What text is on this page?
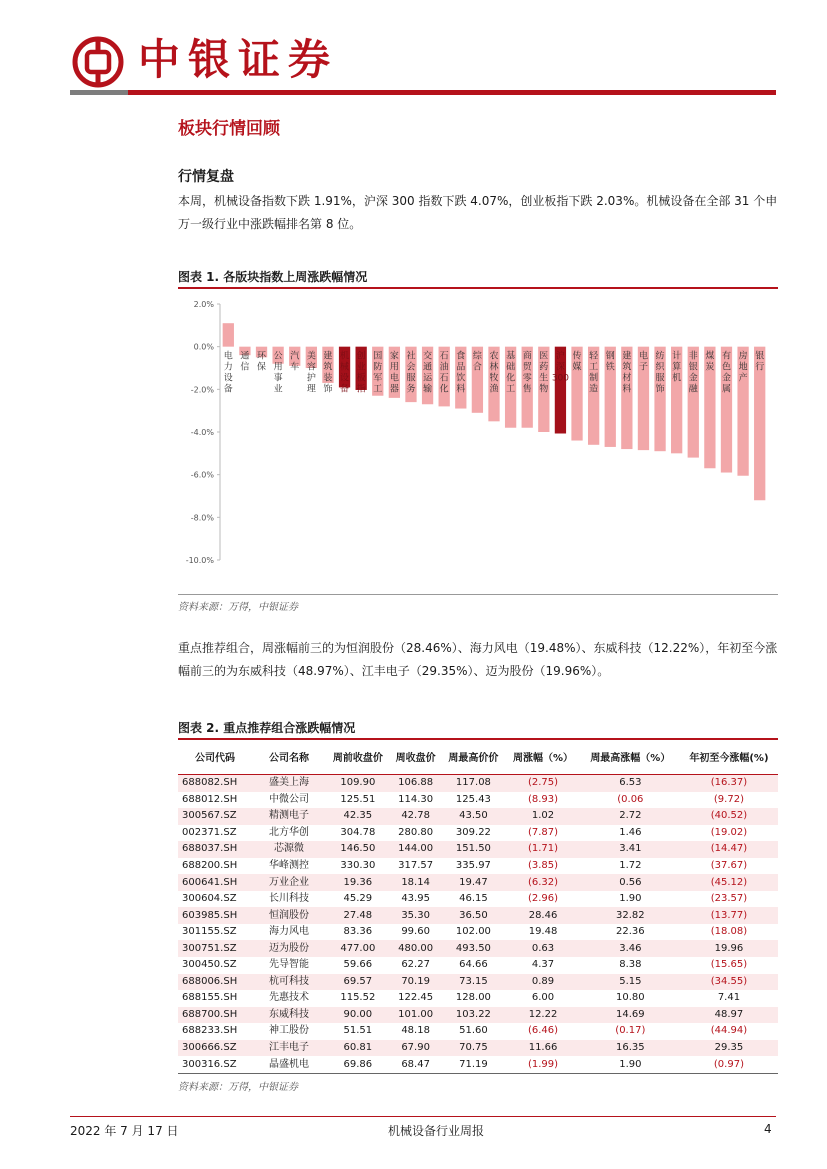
中银证券
板块行情回顾
行情复盘
本周，机械设备指数下跌 1.91%，沪深 300 指数下跌 4.07%，创业板指下跌 2.03%。机械设备在全部 31 个申万一级行业中涨跌幅排名第 8 位。
图表 1. 各版块指数上周涨跌幅情况
2.0%
0.0%
-2.0%
-4.0%
-6.0%
-8.0%
-10.0%
电力设备
通信
环保
公用事业
汽车
美容护理
建筑装饰
机械设备
创业板指
国防军工
家用电器
社会服务
交通运输
石油石化
食品饮料
综合
农林牧渔
基础化工
商贸零售
医药生物
沪深 300
传媒
轻工制造
钢铁
建筑材料
电子
纺织服饰
计算机
非银金融
煤炭
有色金属
房地产
银行
资料来源：万得，中银证券
重点推荐组合，周涨幅前三的为恒润股份（28.46%）、海力风电（19.48%）、东威科技（12.22%），年初至今涨幅前三的为东威科技（48.97%）、江丰电子（29.35%）、迈为股份（19.96%）。
图表 2. 重点推荐组合涨跌幅情况
公司代码	公司名称	周前收盘价	周收盘价	周最高价价	周涨幅（%）	周最高涨幅（%）	年初至今涨幅(%)
688082.SH	盛美上海	109.90	106.88	117.08	(2.75)	6.53	(16.37)
688012.SH	中微公司	125.51	114.30	125.43	(8.93)	(0.06	(9.72)
300567.SZ	精测电子	42.35	42.78	43.50	1.02	2.72	(40.52)
002371.SZ	北方华创	304.78	280.80	309.22	(7.87)	1.46	(19.02)
688037.SH	芯源微	146.50	144.00	151.50	(1.71)	3.41	(14.47)
688200.SH	华峰测控	330.30	317.57	335.97	(3.85)	1.72	(37.67)
600641.SH	万业企业	19.36	18.14	19.47	(6.32)	0.56	(45.12)
300604.SZ	长川科技	45.29	43.95	46.15	(2.96)	1.90	(23.57)
603985.SH	恒润股份	27.48	35.30	36.50	28.46	32.82	(13.77)
301155.SZ	海力风电	83.36	99.60	102.00	19.48	22.36	(18.08)
300751.SZ	迈为股份	477.00	480.00	493.50	0.63	3.46	19.96
300450.SZ	先导智能	59.66	62.27	64.66	4.37	8.38	(15.65)
688006.SH	杭可科技	69.57	70.19	73.15	0.89	5.15	(34.55)
688155.SH	先惠技术	115.52	122.45	128.00	6.00	10.80	7.41
688700.SH	东威科技	90.00	101.00	103.22	12.22	14.69	48.97
688233.SH	神工股份	51.51	48.18	51.60	(6.46)	(0.17)	(44.94)
300666.SZ	江丰电子	60.81	67.90	70.75	11.66	16.35	29.35
300316.SZ	晶盛机电	69.86	68.47	71.19	(1.99)	1.90	(0.97)
资料来源：万得，中银证券
2022 年 7 月 17 日	机械设备行业周报	4
